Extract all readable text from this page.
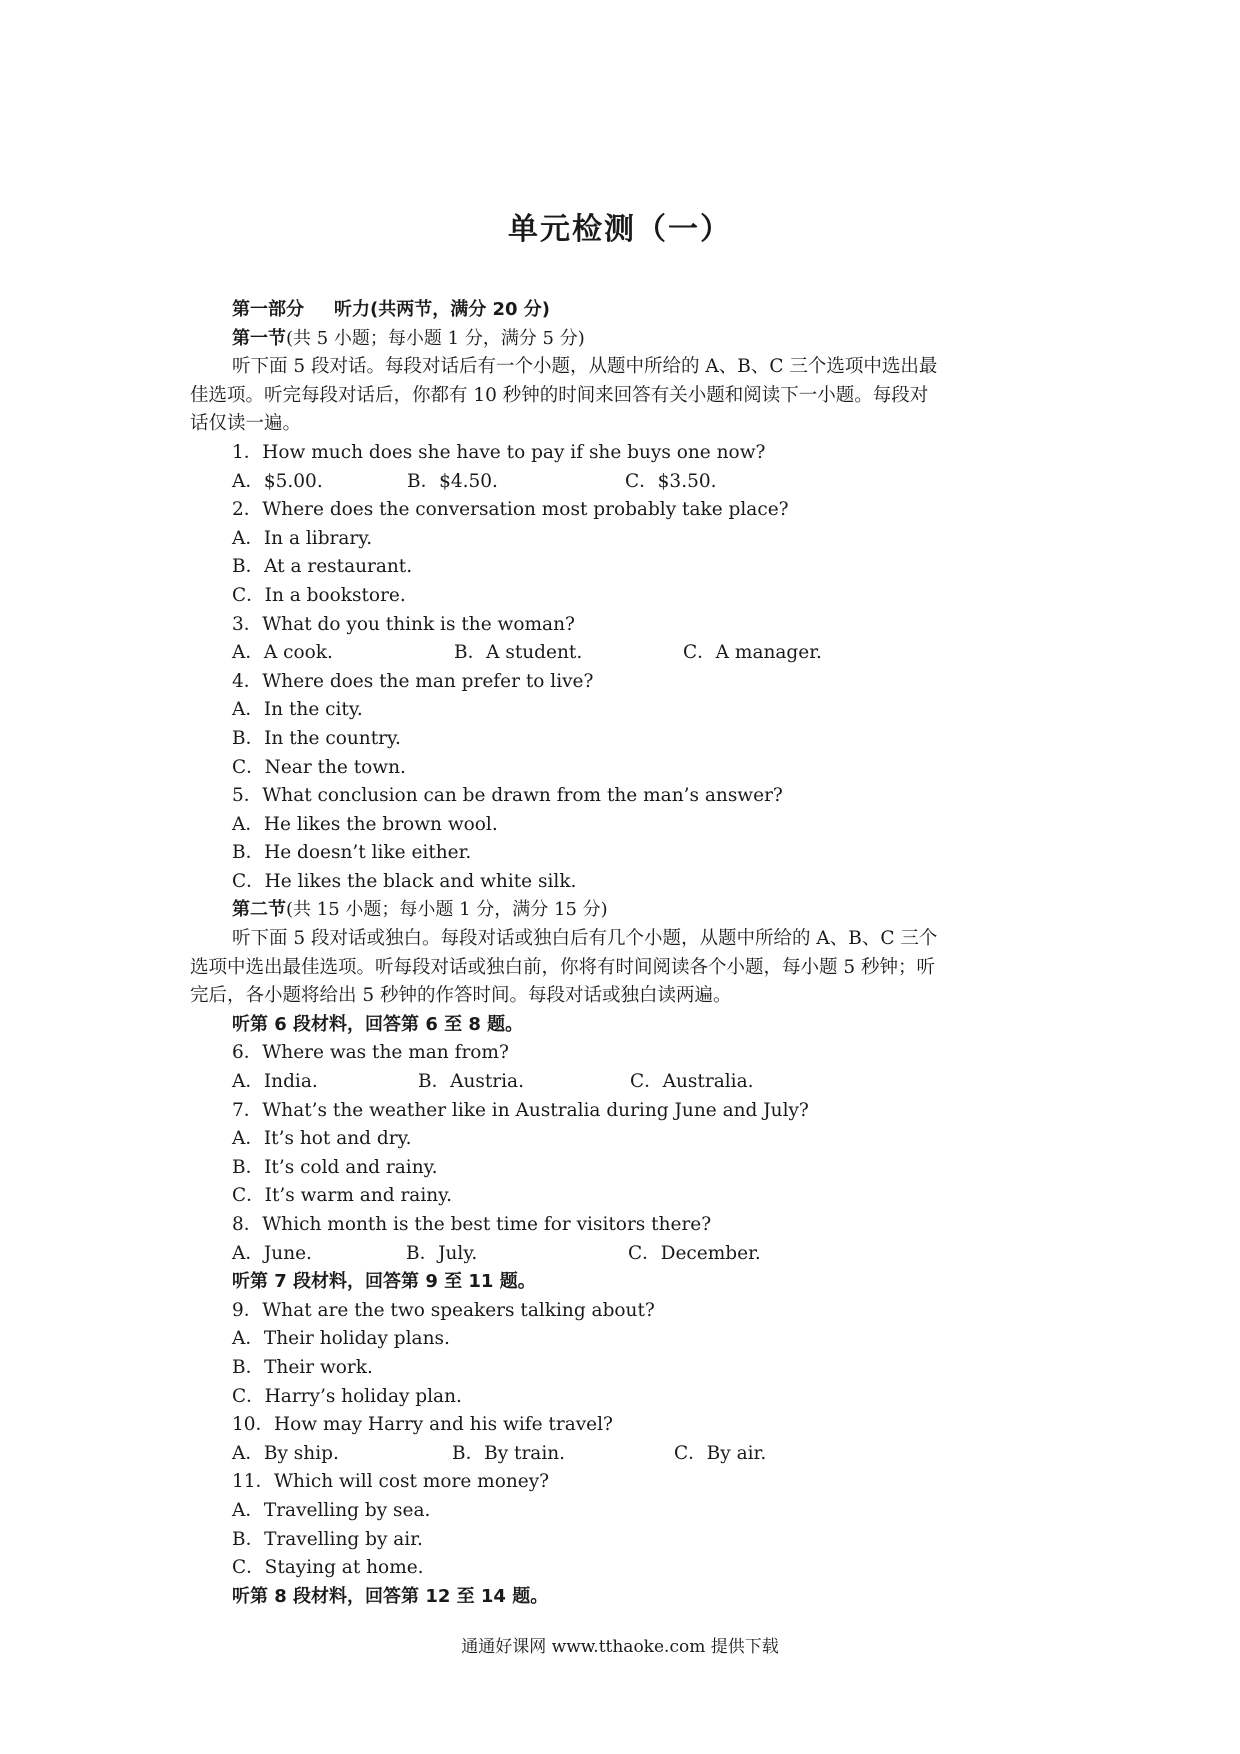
单元检测（一）
第一部分 听力(共两节，满分 20 分)
第一节(共 5 小题；每小题 1 分，满分 5 分)
听下面 5 段对话。每段对话后有一个小题，从题中所给的 A、B、C 三个选项中选出最
佳选项。听完每段对话后，你都有 10 秒钟的时间来回答有关小题和阅读下一小题。每段对
话仅读一遍。
1．How much does she have to pay if she buys one now?
A．$5.00.	B．$4.50.	C．$3.50.
2．Where does the conversation most probably take place?
A．In a library.
B．At a restaurant.
C．In a bookstore.
3．What do you think is the woman?
A．A cook.	B．A student.	C．A manager.
4．Where does the man prefer to live?
A．In the city.
B．In the country.
C．Near the town.
5．What conclusion can be drawn from the man’s answer?
A．He likes the brown wool.
B．He doesn’t like either.
C．He likes the black and white silk.
第二节(共 15 小题；每小题 1 分，满分 15 分)
听下面 5 段对话或独白。每段对话或独白后有几个小题，从题中所给的 A、B、C 三个
选项中选出最佳选项。听每段对话或独白前，你将有时间阅读各个小题，每小题 5 秒钟；听
完后，各小题将给出 5 秒钟的作答时间。每段对话或独白读两遍。
听第 6 段材料，回答第 6 至 8 题。
6．Where was the man from?
A．India.	B．Austria.	C．Australia.
7．What’s the weather like in Australia during June and July?
A．It’s hot and dry.
B．It’s cold and rainy.
C．It’s warm and rainy.
8．Which month is the best time for visitors there?
A．June.	B．July.	C．December.
听第 7 段材料，回答第 9 至 11 题。
9．What are the two speakers talking about?
A．Their holiday plans.
B．Their work.
C．Harry’s holiday plan.
10．How may Harry and his wife travel?
A．By ship.	B．By train.	C．By air.
11．Which will cost more money?
A．Travelling by sea.
B．Travelling by air.
C．Staying at home.
听第 8 段材料，回答第 12 至 14 题。
通通好课网 www.tthaoke.com 提供下载
